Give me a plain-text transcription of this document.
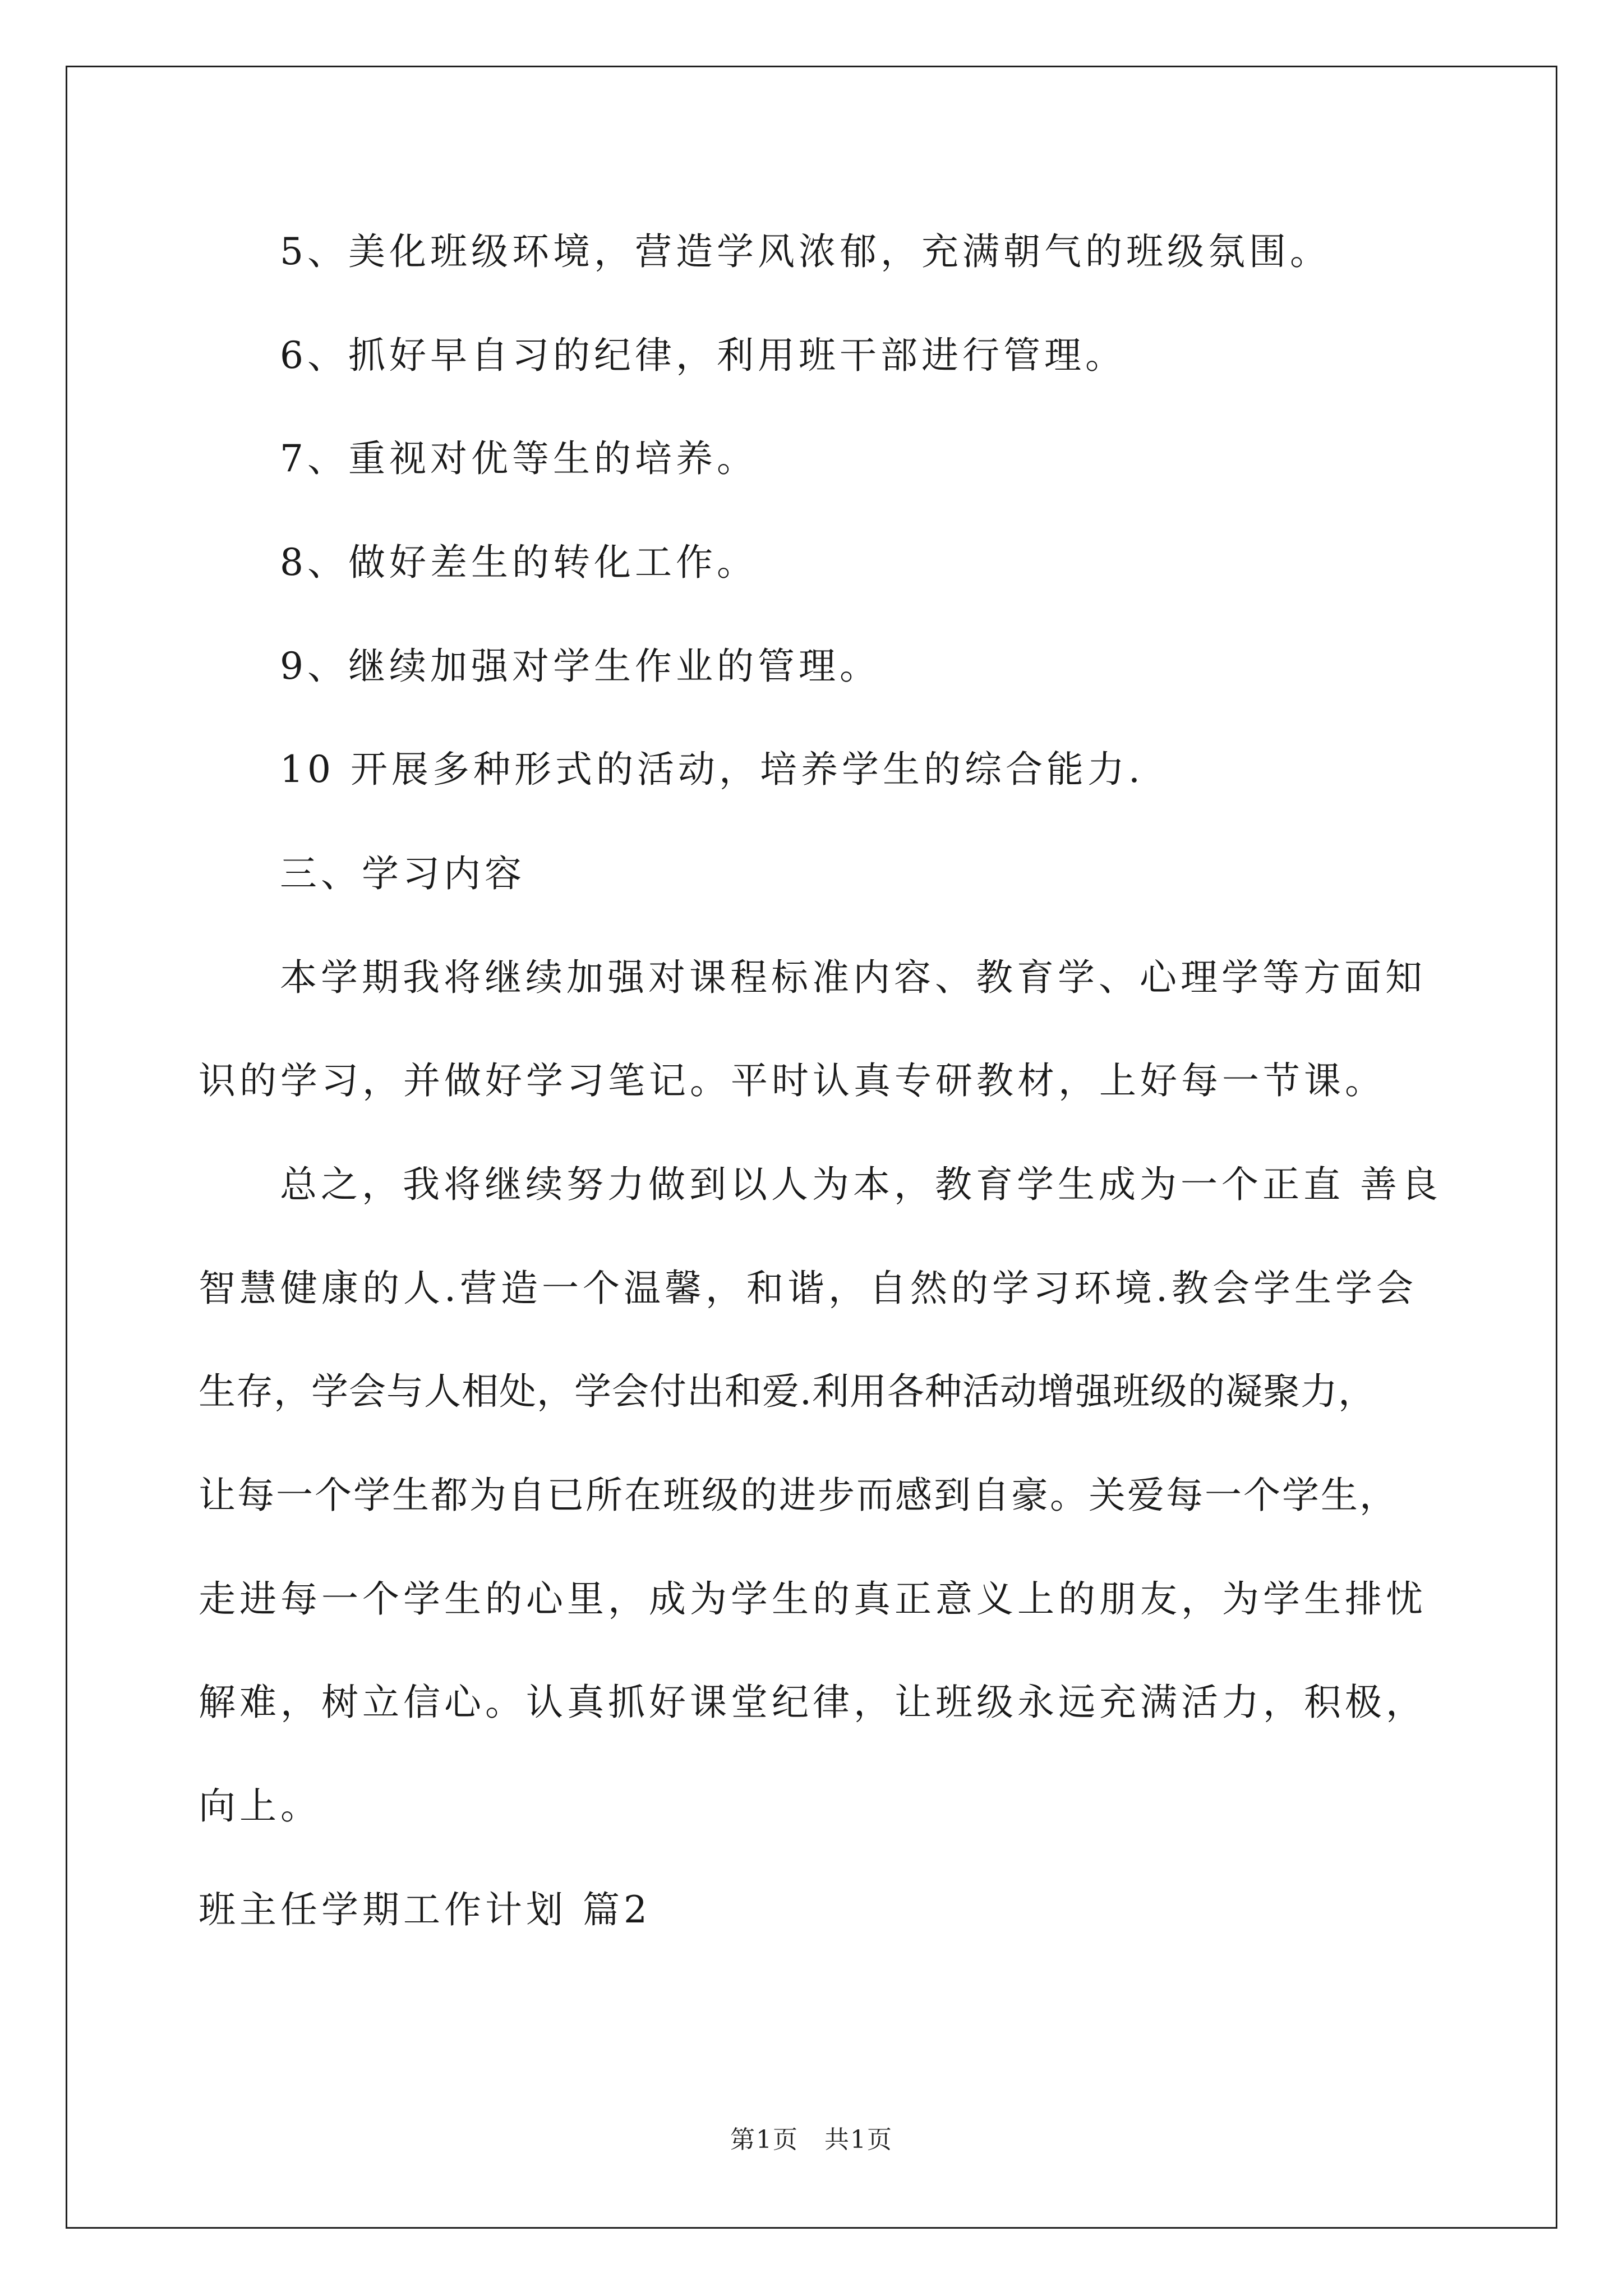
5、美化班级环境，营造学风浓郁，充满朝气的班级氛围。
6、抓好早自习的纪律，利用班干部进行管理。
7、重视对优等生的培养。
8、做好差生的转化工作。
9、继续加强对学生作业的管理。
10 开展多种形式的活动，培养学生的综合能力.
三、学习内容
本学期我将继续加强对课程标准内容、教育学、心理学等方面知
识的学习，并做好学习笔记。平时认真专研教材，上好每一节课。
总之，我将继续努力做到以人为本，教育学生成为一个正直 善良
智慧健康的人.营造一个温馨，和谐，自然的学习环境.教会学生学会
生存，学会与人相处，学会付出和爱.利用各种活动增强班级的凝聚力，
让每一个学生都为自已所在班级的进步而感到自豪。关爱每一个学生，
走进每一个学生的心里，成为学生的真正意义上的朋友，为学生排忧
解难，树立信心。认真抓好课堂纪律，让班级永远充满活力，积极，
向上。
班主任学期工作计划 篇2
第1页　共1页
